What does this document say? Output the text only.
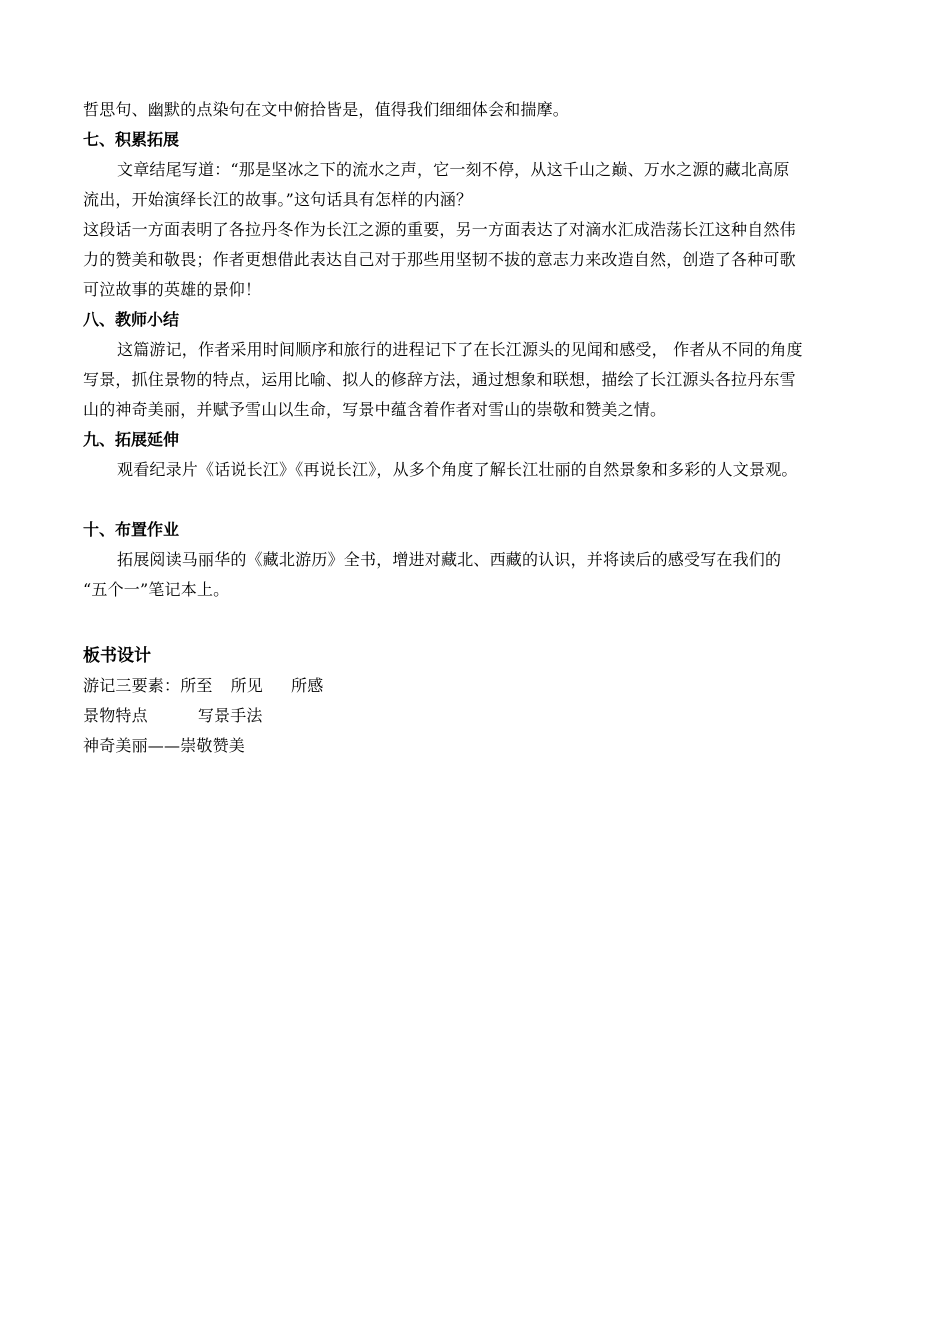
哲思句、幽默的点染句在文中俯拾皆是，值得我们细细体会和揣摩。
七、积累拓展
文章结尾写道：“那是坚冰之下的流水之声，它一刻不停，从这千山之巅、万水之源的藏北高原
流出，开始演绎长江的故事。”这句话具有怎样的内涵？
这段话一方面表明了各拉丹冬作为长江之源的重要，另一方面表达了对滴水汇成浩荡长江这种自然伟
力的赞美和敬畏；作者更想借此表达自己对于那些用坚韧不拔的意志力来改造自然，创造了各种可歌
可泣故事的英雄的景仰！
八、教师小结
这篇游记，作者采用时间顺序和旅行的进程记下了在长江源头的见闻和感受， 作者从不同的角度
写景，抓住景物的特点，运用比喻、拟人的修辞方法，通过想象和联想，描绘了长江源头各拉丹东雪
山的神奇美丽，并赋予雪山以生命，写景中蕴含着作者对雪山的崇敬和赞美之情。
九、拓展延伸
观看纪录片《话说长江》《再说长江》，从多个角度了解长江壮丽的自然景象和多彩的人文景观。
十、布置作业
拓展阅读马丽华的《藏北游历》全书，增进对藏北、西藏的认识，并将读后的感受写在我们的
“五个一”笔记本上。
板书设计
游记三要素：所至 所见 所感
景物特点	写景手法
神奇美丽——崇敬赞美
